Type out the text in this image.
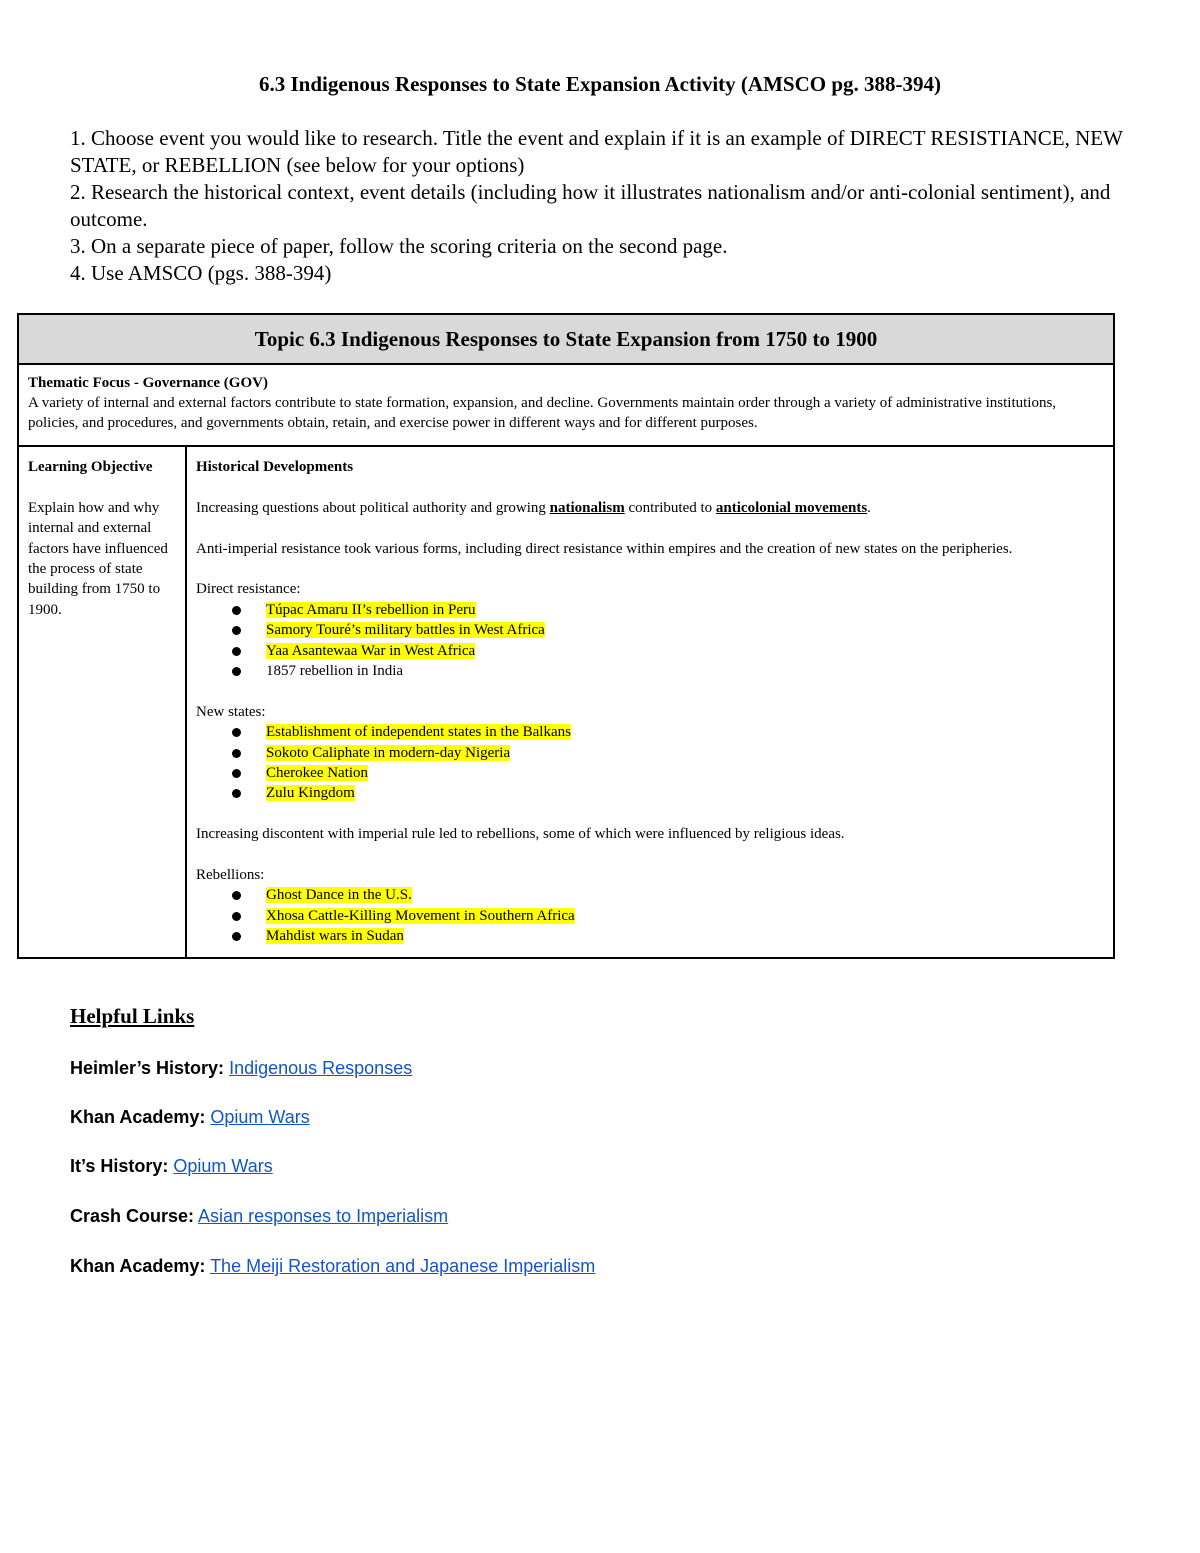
6.3 Indigenous Responses to State Expansion Activity (AMSCO pg. 388-394)
1. Choose event you would like to research. Title the event and explain if it is an example of DIRECT RESISTIANCE, NEW STATE, or REBELLION (see below for your options)
2. Research the historical context, event details (including how it illustrates nationalism and/or anti-colonial sentiment), and outcome.
3. On a separate piece of paper, follow the scoring criteria on the second page.
4. Use AMSCO (pgs. 388-394)
Topic 6.3 Indigenous Responses to State Expansion from 1750 to 1900

Thematic Focus - Governance (GOV)
A variety of internal and external factors contribute to state formation, expansion, and decline. Governments maintain order through a variety of administrative institutions, policies, and procedures, and governments obtain, retain, and exercise power in different ways and for different purposes.

Learning Objective
Explain how and why internal and external factors have influenced the process of state building from 1750 to 1900.

Historical Developments
Increasing questions about political authority and growing nationalism contributed to anticolonial movements.
Anti-imperial resistance took various forms, including direct resistance within empires and the creation of new states on the peripheries.
Direct resistance:
Túpac Amaru II’s rebellion in Peru
Samory Touré’s military battles in West Africa
Yaa Asantewaa War in West Africa
1857 rebellion in India
New states:
Establishment of independent states in the Balkans
Sokoto Caliphate in modern-day Nigeria
Cherokee Nation
Zulu Kingdom
Increasing discontent with imperial rule led to rebellions, some of which were influenced by religious ideas.
Rebellions:
Ghost Dance in the U.S.
Xhosa Cattle-Killing Movement in Southern Africa
Mahdist wars in Sudan
Helpful Links
Heimler’s History: Indigenous Responses
Khan Academy: Opium Wars
It’s History: Opium Wars
Crash Course: Asian responses to Imperialism
Khan Academy: The Meiji Restoration and Japanese Imperialism
